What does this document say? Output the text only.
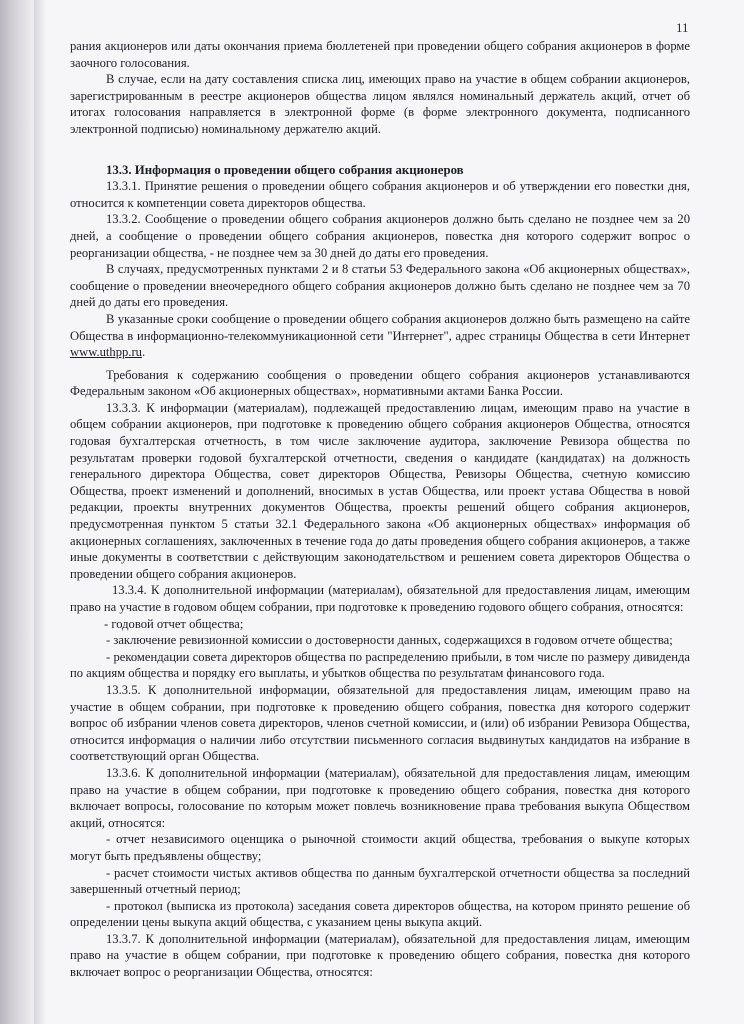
11

рания акционеров или даты окончания приема бюллетеней при проведении общего собрания акционеров в форме заочного голосования.

В случае, если на дату составления списка лиц, имеющих право на участие в общем собрании акционеров, зарегистрированным в реестре акционеров общества лицом являлся номинальный держатель акций, отчет об итогах голосования направляется в электронной форме (в форме электронного документа, подписанного электронной подписью) номинальному держателю акций.

13.3. Информация о проведении общего собрания акционеров

13.3.1. Принятие решения о проведении общего собрания акционеров и об утверждении его повестки дня, относится к компетенции совета директоров общества.

13.3.2. Сообщение о проведении общего собрания акционеров должно быть сделано не позднее чем за 20 дней, а сообщение о проведении общего собрания акционеров, повестка дня которого содержит вопрос о реорганизации общества, - не позднее чем за 30 дней до даты его проведения.

В случаях, предусмотренных пунктами 2 и 8 статьи 53 Федерального закона «Об акционерных обществах», сообщение о проведении внеочередного общего собрания акционеров должно быть сделано не позднее чем за 70 дней до даты его проведения.

В указанные сроки сообщение о проведении общего собрания акционеров должно быть размещено на сайте Общества в информационно-телекоммуникационной сети "Интернет", адрес страницы Общества в сети Интернет www.uthpp.ru.

Требования к содержанию сообщения о проведении общего собрания акционеров устанавливаются Федеральным законом «Об акционерных обществах», нормативными актами Банка России.

13.3.3. К информации (материалам), подлежащей предоставлению лицам, имеющим право на участие в общем собрании акционеров, при подготовке к проведению общего собрания акционеров Общества, относятся годовая бухгалтерская отчетность, в том числе заключение аудитора, заключение Ревизора общества по результатам проверки годовой бухгалтерской отчетности, сведения о кандидате (кандидатах) на должность генерального директора Общества, совет директоров Общества, Ревизоры Общества, счетную комиссию Общества, проект изменений и дополнений, вносимых в устав Общества, или проект устава Общества в новой редакции, проекты внутренних документов Общества, проекты решений общего собрания акционеров, предусмотренная пунктом 5 статьи 32.1 Федерального закона «Об акционерных обществах» информация об акционерных соглашениях, заключенных в течение года до даты проведения общего собрания акционеров, а также иные документы в соответствии с действующим законодательством и решением совета директоров Общества о проведении общего собрания акционеров.

13.3.4. К дополнительной информации (материалам), обязательной для предоставления лицам, имеющим право на участие в годовом общем собрании, при подготовке к проведению годового общего собрания, относятся:

- годовой отчет общества;

- заключение ревизионной комиссии о достоверности данных, содержащихся в годовом отчете общества;

- рекомендации совета директоров общества по распределению прибыли, в том числе по размеру дивиденда по акциям общества и порядку его выплаты, и убытков общества по результатам финансового года.

13.3.5. К дополнительной информации, обязательной для предоставления лицам, имеющим право на участие в общем собрании, при подготовке к проведению общего собрания, повестка дня которого содержит вопрос об избрании членов совета директоров, членов счетной комиссии, и (или) об избрании Ревизора Общества, относится информация о наличии либо отсутствии письменного согласия выдвинутых кандидатов на избрание в соответствующий орган Общества.

13.3.6. К дополнительной информации (материалам), обязательной для предоставления лицам, имеющим право на участие в общем собрании, при подготовке к проведению общего собрания, повестка дня которого включает вопросы, голосование по которым может повлечь возникновение права требования выкупа Обществом акций, относятся:

- отчет независимого оценщика о рыночной стоимости акций общества, требования о выкупе которых могут быть предъявлены обществу;

- расчет стоимости чистых активов общества по данным бухгалтерской отчетности общества за последний завершенный отчетный период;

- протокол (выписка из протокола) заседания совета директоров общества, на котором принято решение об определении цены выкупа акций общества, с указанием цены выкупа акций.

13.3.7. К дополнительной информации (материалам), обязательной для предоставления лицам, имеющим право на участие в общем собрании, при подготовке к проведению общего собрания, повестка дня которого включает вопрос о реорганизации Общества, относятся:
